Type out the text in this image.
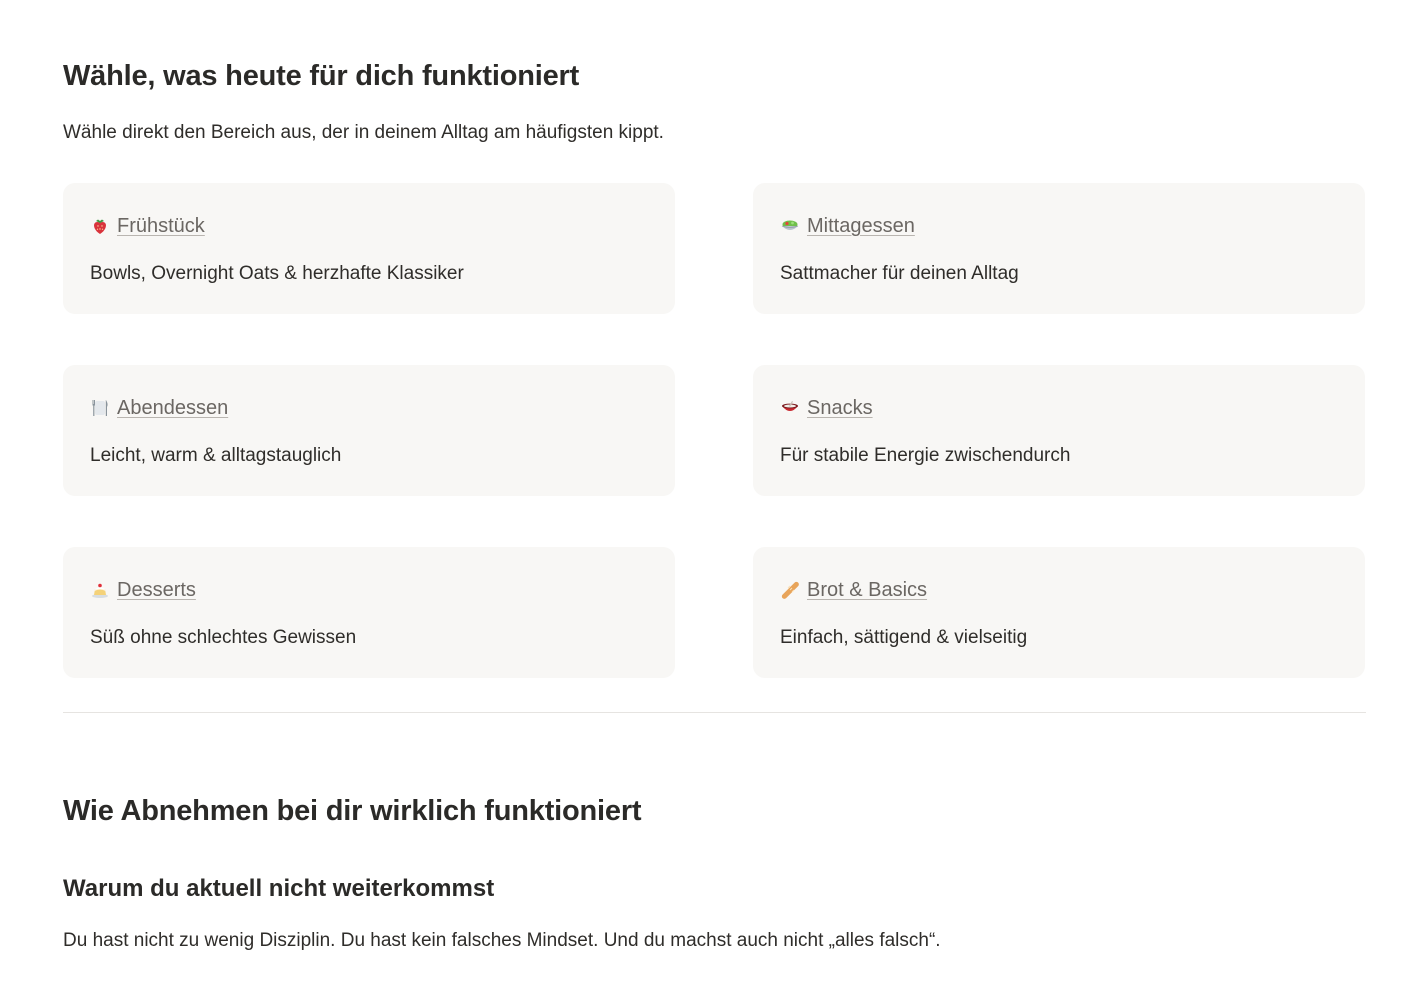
Wähle, was heute für dich funktioniert

Wähle direkt den Bereich aus, der in deinem Alltag am häufigsten kippt.

Frühstück

Bowls, Overnight Oats & herzhafte Klassiker

Mittagessen

Sattmacher für deinen Alltag

Abendessen

Leicht, warm & alltagstauglich

Snacks

Für stabile Energie zwischendurch

Desserts

Süß ohne schlechtes Gewissen

Brot & Basics

Einfach, sättigend & vielseitig

Wie Abnehmen bei dir wirklich funktioniert
Warum du aktuell nicht weiterkommst

Du hast nicht zu wenig Disziplin. Du hast kein falsches Mindset. Und du machst auch nicht „alles falsch“.
